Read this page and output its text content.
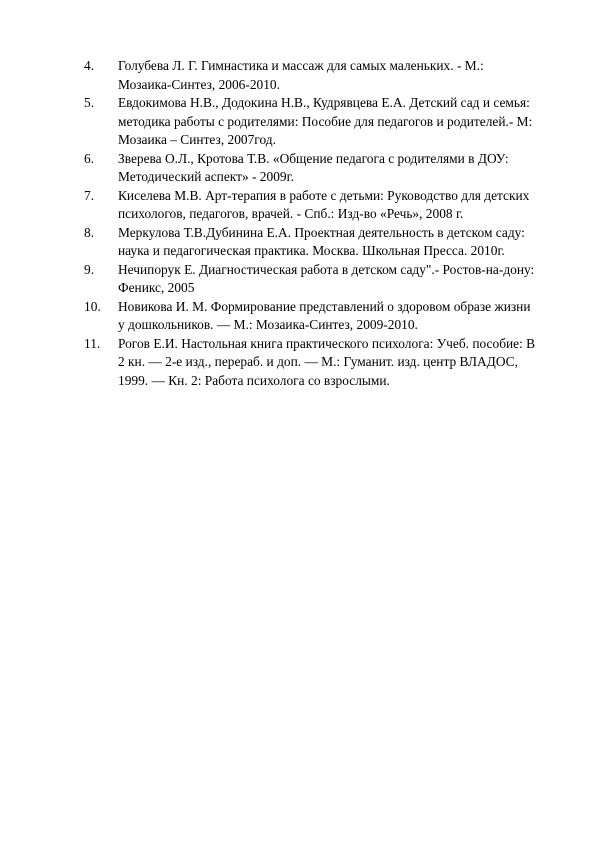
4. Голубева Л. Г. Гимнастика и массаж для самых маленьких. - М.:
Мозаика-Синтез, 2006-2010.
5. Евдокимова Н.В., Додокина Н.В., Кудрявцева Е.А. Детский сад и семья:
методика работы с родителями: Пособие для педагогов и родителей.- М:
Мозаика – Синтез, 2007год.
6. Зверева О.Л., Кротова Т.В. «Общение педагога с родителями в ДОУ:
Методический аспект» - 2009г.
7. Киселева М.В. Арт-терапия в работе с детьми: Руководство для детских
психологов, педагогов, врачей. - Спб.: Изд-во «Речь», 2008 г.
8. Меркулова Т.В.Дубинина Е.А. Проектная деятельность в детском саду:
наука и педагогическая практика. Москва. Школьная Пресса. 2010г.
9. Нечипорук Е. Диагностическая работа в детском саду".- Ростов-на-дону:
Феникс, 2005
10. Новикова И. М. Формирование представлений о здоровом образе жизни
у дошкольников. — М.: Мозаика-Синтез, 2009-2010.
11. Рогов Е.И. Настольная книга практического психолога: Учеб. пособие: В
2 кн. — 2-е изд., перераб. и доп. — М.: Гуманит. изд. центр ВЛАДОС,
1999. — Кн. 2: Работа психолога со взрослыми.
